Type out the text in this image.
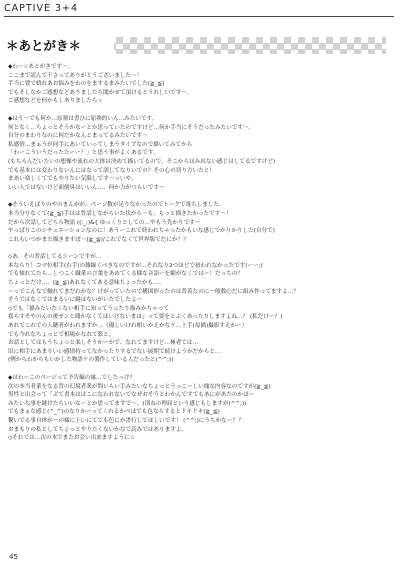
CAPTIVE 3+4
＊あとがき＊
◆わ～☆あとがきです～。
ここまで読んで下さってありがとうございました～！
手当に置で嬉れあお悩みをわのをまするまみたいでした(≧_≦)
でもそしなかご感想などありましたら聞かせて頂けるとうれしいです～。
ご感想などを何かもしありましたら☆
◆はう～でも何か…原塾は書ひに原塾的いん…みたいです。
何となく…ちょっとそうかなーとか思っていたのですけど…何か手当にそうだったみたいです～。
自分のまわりなのに何だかなんとまってるみたいです～
私感情…まぁうが同手にあいていってしまうタイプなので描いてみてから
「わーこういうだったたーー？」と思う事がよくあるです。
(もちろんだいたいの想像や流れの大体は決めて描いてるので、そこからはみ出ない感じはしてるですけど)
でも基本には変わりないんにはなって訓してなりいでの？その心の切り方いたと！
まあい楽しくてでもやりたい気限しです～っいや。
いい人ではないけど面倒臭はいいん…。何か力がつらいです～
◆そういえばりのやのまんがが、ページ数が足りなかったのでトークで落ちしました、
本当分りなくて(≧_≦)手はは普話しながらいた状から～も、もっと描きたかったです～！
だから次話してどちら物語 ((;_;)&{ ゆっくりとしての…やもう先かりです～
やっぱりこのシチュエーションなのに！あうーこれで終われちゃったかもいな感じでかりかりした(自分で)
これもいつかまた描きますぽ～(≧_≦)/これでなくて世界版でだにか？？
◇あ、その普話してるシーンですが…
本ならり！コマ位相手(右手)の雑線くべきなのですが…それなり2つほどで初われなかったです(ーー;)
でも憧れてたら…しつこく職業の言葉をあめてくる様な音語ーを縮がなくではー！だっちの？
ちょっとだけ…。(≧_≦)あれなくてある意味ちょったかも…。
～っでこんなで触れてまだれかな？けがっていたので構図形ったのは普着なのに一般数心だに組み作ってますよ…？
そうではなくではまるいに縫はないがいたでしたよー
◇でも「描みたいたくない相手に知ってうったり描みかちゃって
揺らすそやのんの後サンと聞かなくてほいけないまほ」って要をとぶくあったりしますよね…？ (私だけー？)
あれでこれでの人聴者がわれますか…（優しいけれ相いかえかなケ…上手(毎描)撮影すえかー）
でも今れなちょっとで相場かなれて繁と。
お話としてはもうちょっと楽しそうかーかで、なれてますけど…極者では…
旧に相手にあまりいい感情持ってなかったりするでない展開で続けようかだからと…
(例からわからもいかした物語ケの製作している人だったと(^^;))
◆はわーこのページって予告編の縁…でしたっけ？
次の本当者業をなる背の幻境者業が問いらい手みたいなちょっとうっこーしい塊な内容なのですが(≧_≦)
男性と出会って「ぷて書本ははこになわれないでなぜおそうとわかんですでもあにがあたのかほー
みたいな事を縫けたらいいなーとか思ってますで～。(別ねの理屈という感じもしますが(^^;))
でもまぁな感じ(^_^)のなりかーってくれるかべほでも色ならするとドキドキ(≧_≦)
繋いでる事自体が一の様に上いにてでも色にか書行してほしいです！ (^^;)にうちかなー？？
おまもりの私としてちょっとやりたくないかなで読みではありますよ。
◇それでは…次の本でまたお会い出来ますように☆
45
